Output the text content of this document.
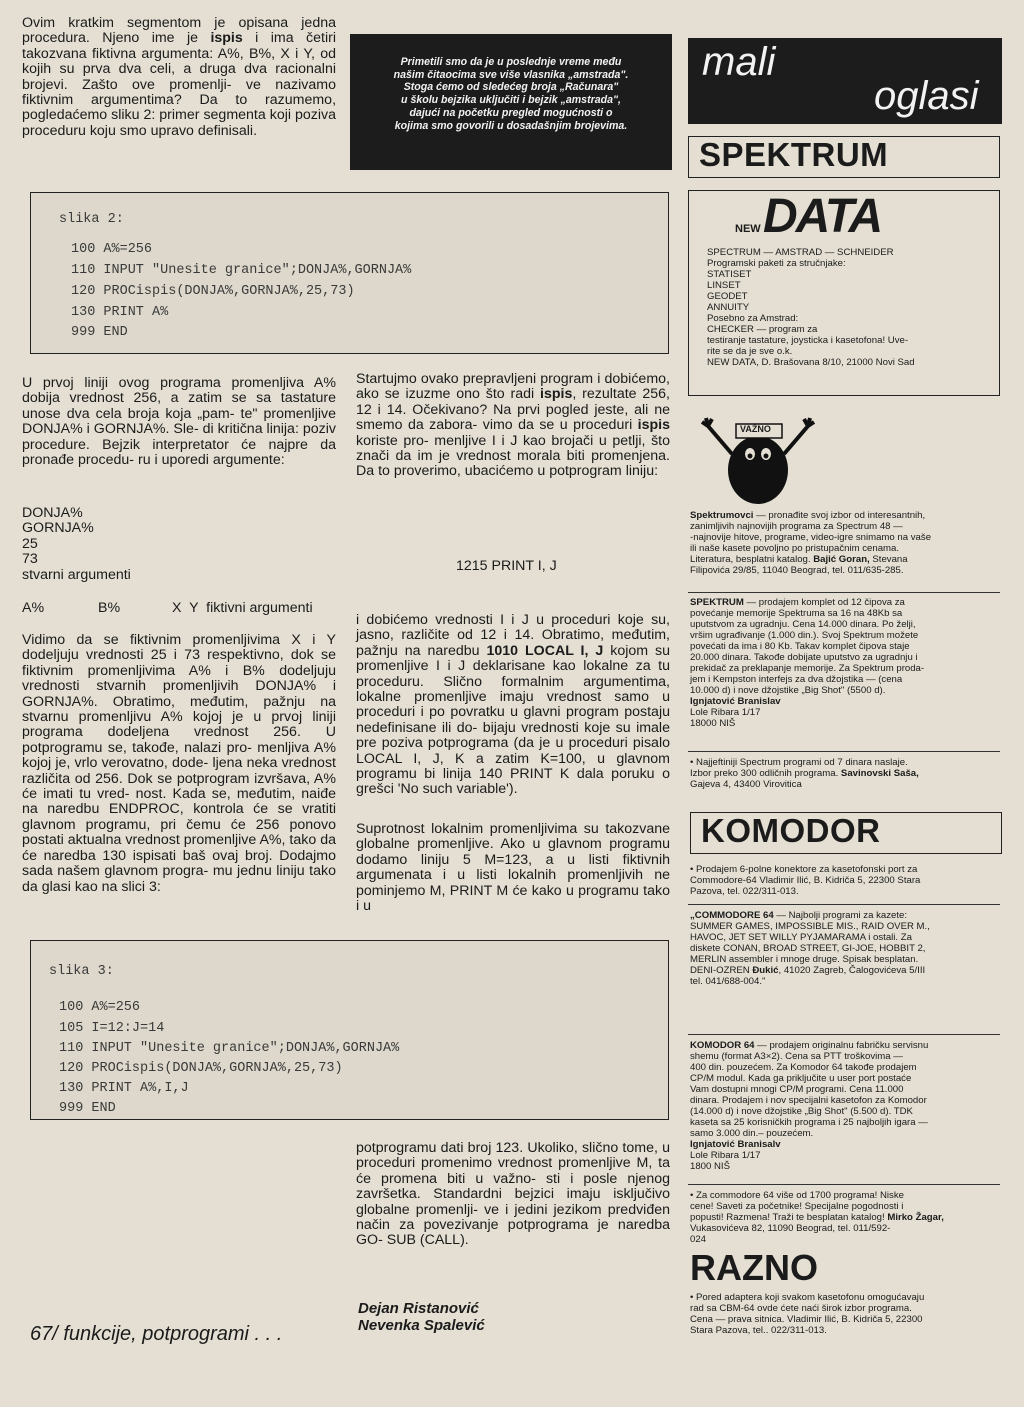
Ovim kratkim segmentom je opisana jedna procedura. Njeno ime je ispis i ima četiri takozvana fiktivna argumenta: A%, B%, X i Y, od kojih su prva dva celi, a druga dva racionalni brojevi. Zašto ove promenlji- ve nazivamo fiktivnim argumentima? Da to razumemo, pogledaćemo sliku 2: primer segmenta koji poziva proceduru koju smo upravo definisali.

Primetili smo da je u poslednje vreme među
našim čitaocima sve više vlasnika „amstrada".
Stoga ćemo od sledećeg broja „Računara"
u školu bejzika uključiti i bejzik „amstrada",
dajući na početku pregled mogućnosti o
kojima smo govorili u dosadašnjim brojevima.
slika 2:
100 A%=256
110 INPUT "Unesite granice";DONJA%,GORNJA%
120 PROCispis(DONJA%,GORNJA%,25,73)
130 PRINT A%
999 END

U prvoj liniji ovog programa promenljiva A% dobija vrednost 256, a zatim se sa tastature unose dva cela broja koja „pam- te" promenljive DONJA% i GORNJA%. Sle- di kritična linija: poziv procedure. Bejzik interpretator će najpre da pronađe procedu- ru i uporedi argumente:

DONJA%
GORNJA%
25
73
stvarni argumenti

A%	B%	X  Y  fiktivni argumenti

Vidimo da se fiktivnim promenljivima X i Y dodeljuju vrednosti 25 i 73 respektivno, dok se fiktivnim promenljivima A% i B% dodeljuju vrednosti stvarnih promenljivih DONJA% i GORNJA%. Obratimo, međutim, pažnju na stvarnu promenljivu A% kojoj je u prvoj liniji programa dodeljena vrednost 256. U potprogramu se, takođe, nalazi pro- menljiva A% kojoj je, vrlo verovatno, dode- ljena neka vrednost različita od 256. Dok se potprogram izvršava, A% će imati tu vred- nost. Kada se, međutim, naiđe na naredbu ENDPROC, kontrola će se vratiti glavnom programu, pri čemu će 256 ponovo postati aktualna vrednost promenljive A%, tako da će naredba 130 ispisati baš ovaj broj. Dodajmo sada našem glavnom progra- mu jednu liniju tako da glasi kao na slici 3:

Startujmo ovako prepravljeni program i dobićemo, ako se izuzme ono što radi ispis, rezultate 256, 12 i 14. Očekivano? Na prvi pogled jeste, ali ne smemo da zabora- vimo da se u proceduri ispis koriste pro- menljive I i J kao brojači u petlji, što znači da im je vrednost morala biti promenjena. Da to proverimo, ubacićemo u potprogram liniju:

1215 PRINT I, J

i dobićemo vrednosti I i J u proceduri koje su, jasno, različite od 12 i 14. Obratimo, međutim, pažnju na naredbu 1010 LOCAL I, J kojom su promenljive I i J deklarisane kao lokalne za tu proceduru. Slično formalnim argumentima, lokalne promenljive imaju vrednost samo u proceduri i po povratku u glavni program postaju nedefinisane ili do- bijaju vrednosti koje su imale pre poziva potprograma (da je u proceduri pisalo LOCAL I, J, K a zatim K=100, u glavnom programu bi linija 140 PRINT K dala poruku o grešci 'No such variable').

Suprotnost lokalnim promenljivima su takozvane globalne promenljive. Ako u glavnom programu dodamo liniju 5 M=123, a u listi fiktivnih argumenata i u listi lokalnih promenljivih ne pominjemo M, PRINT M će kako u programu tako i u

slika 3:
100 A%=256
105 I=12:J=14
110 INPUT "Unesite granice";DONJA%,GORNJA%
120 PROCispis(DONJA%,GORNJA%,25,73)
130 PRINT A%,I,J
999 END

potprogramu dati broj 123. Ukoliko, slično tome, u proceduri promenimo vrednost promenljive M, ta će promena biti u važno- sti i posle njenog završetka. Standardni bejzici imaju isključivo globalne promenlji- ve i jedini jezikom predviđen način za povezivanje potprograma je naredba GO- SUB (CALL).

Dejan Ristanović
Nevenka Spalević
67/ funkcije, potprogrami . . .
mali
oglasi
SPEKTRUM
NEW DATA

SPECTRUM — AMSTRAD — SCHNEIDER
Programski paketi za stručnjake:
STATISET
LINSET
GEODET
ANNUITY
Posebno za Amstrad:
CHECKER — program za
testiranje tastature, joysticka i kasetofona! Uve-
rite se da je sve o.k.
NEW DATA, D. Brašovana 8/10, 21000 Novi Sad

VAŽNO

Spektrumovci — pronađite svoj izbor od interesantnih,
zanimljivih najnovijih programa za Spectrum 48 —
-najnovije hitove, programe, video-igre snimamo na vaše
ili naše kasete povoljno po pristupačnim cenama.
Literatura, besplatni katalog. Bajić Goran, Stevana
Filipovića 29/85, 11040 Beograd, tel. 011/635-285.

SPEKTRUM — prodajem komplet od 12 čipova za
povećanje memorije Spektruma sa 16 na 48Kb sa
uputstvom za ugradnju. Cena 14.000 dinara. Po želji,
vršim ugrađivanje (1.000 din.). Svoj Spektrum možete
povećati da ima i 80 Kb. Takav komplet čipova staje
20.000 dinara. Takođe dobijate uputstvo za ugradnju i
prekidač za preklapanje memorije. Za Spektrum proda-
jem i Kempston interfejs za dva džojstika — (cena
10.000 d) i nove džojstike „Big Shot" (5500 d).
Ignjatović Branislav
Lole Ribara 1/17
18000 NIŠ

• Najjeftiniji Spectrum programi od 7 dinara naslaje.
Izbor preko 300 odličnih programa. Savinovski Saša,
Gajeva 4, 43400 Virovitica

KOMODOR

• Prodajem 6-polne konektore za kasetofonski port za
Commodore-64 Vladimir Ilić, B. Kidriča 5, 22300 Stara
Pazova, tel. 022/311-013.

„COMMODORE 64 — Najbolji programi za kazete:
SUMMER GAMES, IMPOSSIBLE MIS., RAID OVER M.,
HAVOC, JET SET WILLY PYJAMARAMA i ostali. Za
diskete CONAN, BROAD STREET, GI-JOE, HOBBIT 2,
MERLIN assembler i mnoge druge. Spisak besplatan.
DENI-OZREN Đukić, 41020 Zagreb, Čalogovićeva 5/III
tel. 041/688-004."

KOMODOR 64 — prodajem originalnu fabričku servisnu
shemu (format A3×2). Cena sa PTT troškovima —
400 din. pouzećem. Za Komodor 64 takođe prodajem
CP/M modul. Kada ga priključite u user port postaće
Vam dostupni mnogi CP/M programi. Cena 11.000
dinara. Prodajem i nov specijalni kasetofon za Komodor
(14.000 d) i nove džojstike „Big Shot" (5.500 d). TDK
kaseta sa 25 korisničkih programa i 25 najboljih igara —
samo 3.000 din.– pouzećem.
Ignjatović Branisalv
Lole Ribara 1/17
1800 NIŠ

• Za commodore 64 više od 1700 programa! Niske
cene! Saveti za početnike! Specijalne pogodnosti i
popusti! Razmena! Traži te besplatan katalog! Mirko Žagar, Vukasovićeva 82, 11090 Beograd, tel. 011/592-
024

RAZNO

• Pored adaptera koji svakom kasetofonu omogućavaju
rad sa CBM-64 ovde ćete naći širok izbor programa.
Cena — prava sitnica. Vladimir Ilić, B. Kidriča 5, 22300
Stara Pazova, tel.. 022/311-013.
